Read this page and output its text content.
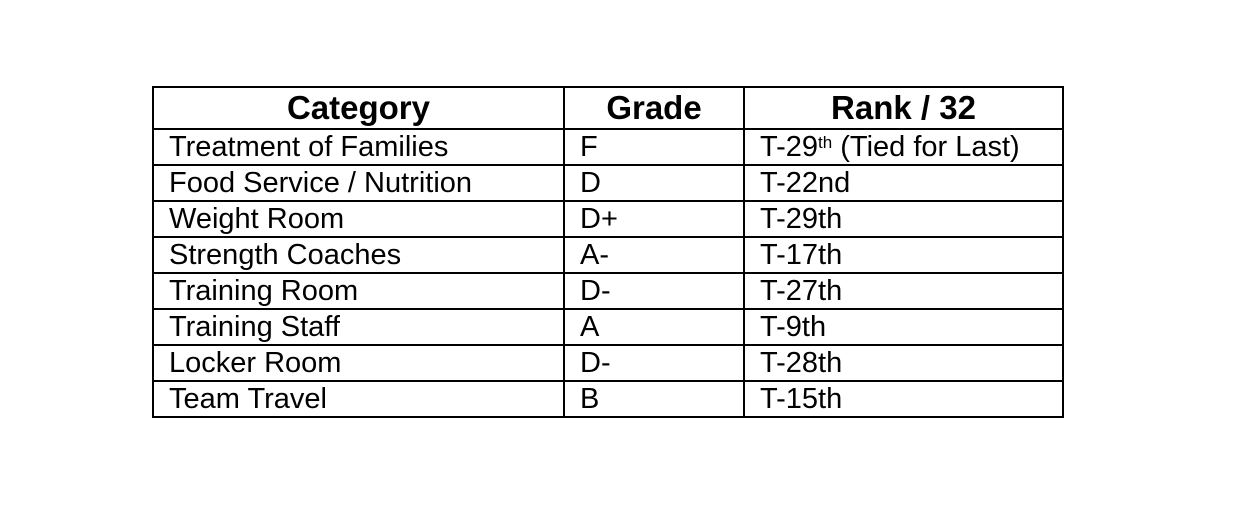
Category	Grade	Rank / 32
Treatment of Families	F	T-29th (Tied for Last)
Food Service / Nutrition	D	T-22nd
Weight Room	D+	T-29th
Strength Coaches	A-	T-17th
Training Room	D-	T-27th
Training Staff	A	T-9th
Locker Room	D-	T-28th
Team Travel	B	T-15th
